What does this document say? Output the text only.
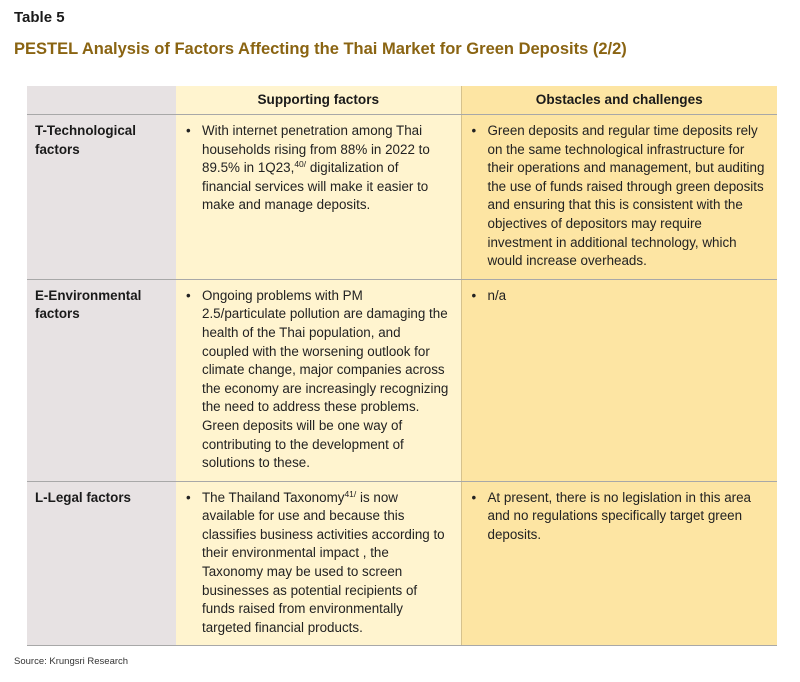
Table 5
PESTEL Analysis of Factors Affecting the Thai Market for Green Deposits (2/2)
	Supporting factors	Obstacles and challenges
T-Technological
factors	• With internet penetration among Thai households rising from 88% in 2022 to 89.5% in 1Q23,$^{40/}$ digitalization of financial services will make it easier to make and manage deposits.	• Green deposits and regular time deposits rely on the same technological infrastructure for their operations and management, but auditing the use of funds raised through green deposits and ensuring that this is consistent with the objectives of depositors may require investment in additional technology, which would increase overheads.

E-Environmental
factors	• Ongoing problems with PM 2.5/particulate pollution are damaging the health of the Thai population, and coupled with the worsening outlook for climate change, major companies across the economy are increasingly recognizing the need to address these problems. Green deposits will be one way of contributing to the development of solutions to these.	• n/a

L-Legal factors	• The Thailand Taxonomy$^{41/}$ is now available for use and because this classifies business activities according to their environmental impact , the Taxonomy may be used to screen businesses as potential recipients of funds raised from environmentally targeted financial products.	• At present, there is no legislation in this area and no regulations specifically target green deposits.
Source: Krungsri Research
